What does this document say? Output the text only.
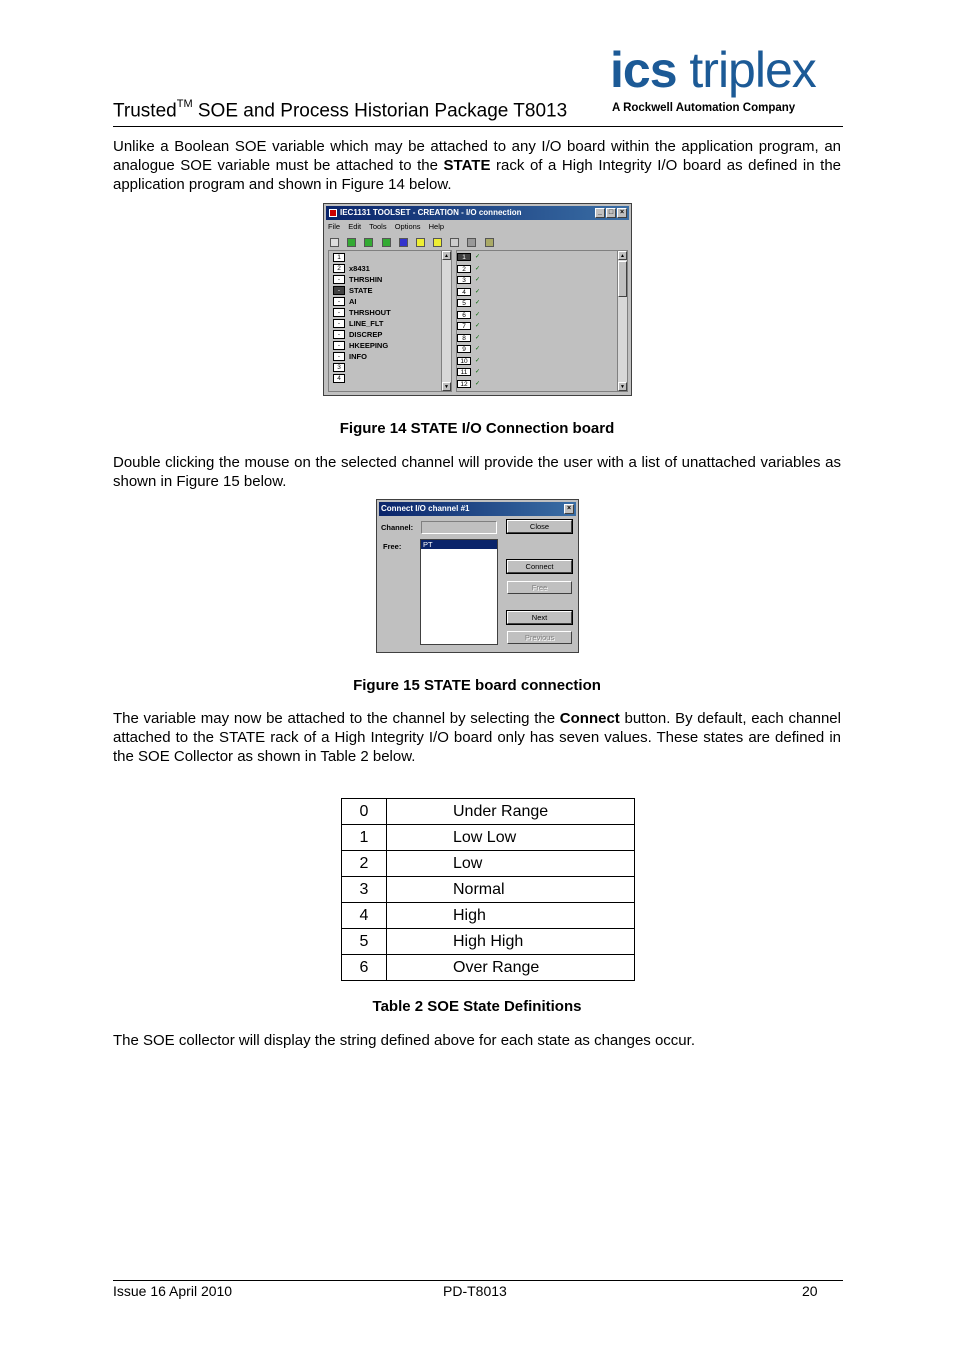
Trusted™ SOE and Process Historian Package T8013
ics triplex
A Rockwell Automation Company
Unlike a Boolean SOE variable which may be attached to any I/O board within the application program, an analogue SOE variable must be attached to the STATE rack of a High Integrity I/O board as defined in the application program and shown in Figure 14 below.
IEC1131 TOOLSET - CREATION - I/O connection	_ □ ×
File Edit Tools Options Help

1
2 x8431
- THRSHIN
- STATE
- AI
- THRSHOUT
- LINE_FLT
- DISCREP
- HKEEPING
- INFO
3
4
▲
▼
1 ✓
2 ✓
3 ✓
4 ✓
5 ✓
6 ✓
7 ✓
8 ✓
9 ✓
10 ✓
11 ✓
12 ✓
▲
▼
Figure 14 STATE I/O Connection board
Double clicking the mouse on the selected channel will provide the user with a list of unattached variables as shown in Figure 15 below.
Connect I/O channel #1	×
Channel:
Free:	PT
Close
Connect
Free
Next
Previous
Figure 15 STATE board connection
The variable may now be attached to the channel by selecting the Connect button. By default, each channel attached to the STATE rack of a High Integrity I/O board only has seven values. These states are defined in the SOE Collector as shown in Table 2 below.
0	Under Range
1	Low Low
2	Low
3	Normal
4	High
5	High High
6	Over Range
Table 2 SOE State Definitions
The SOE collector will display the string defined above for each state as changes occur.
Issue 16 April 2010	PD-T8013	20
